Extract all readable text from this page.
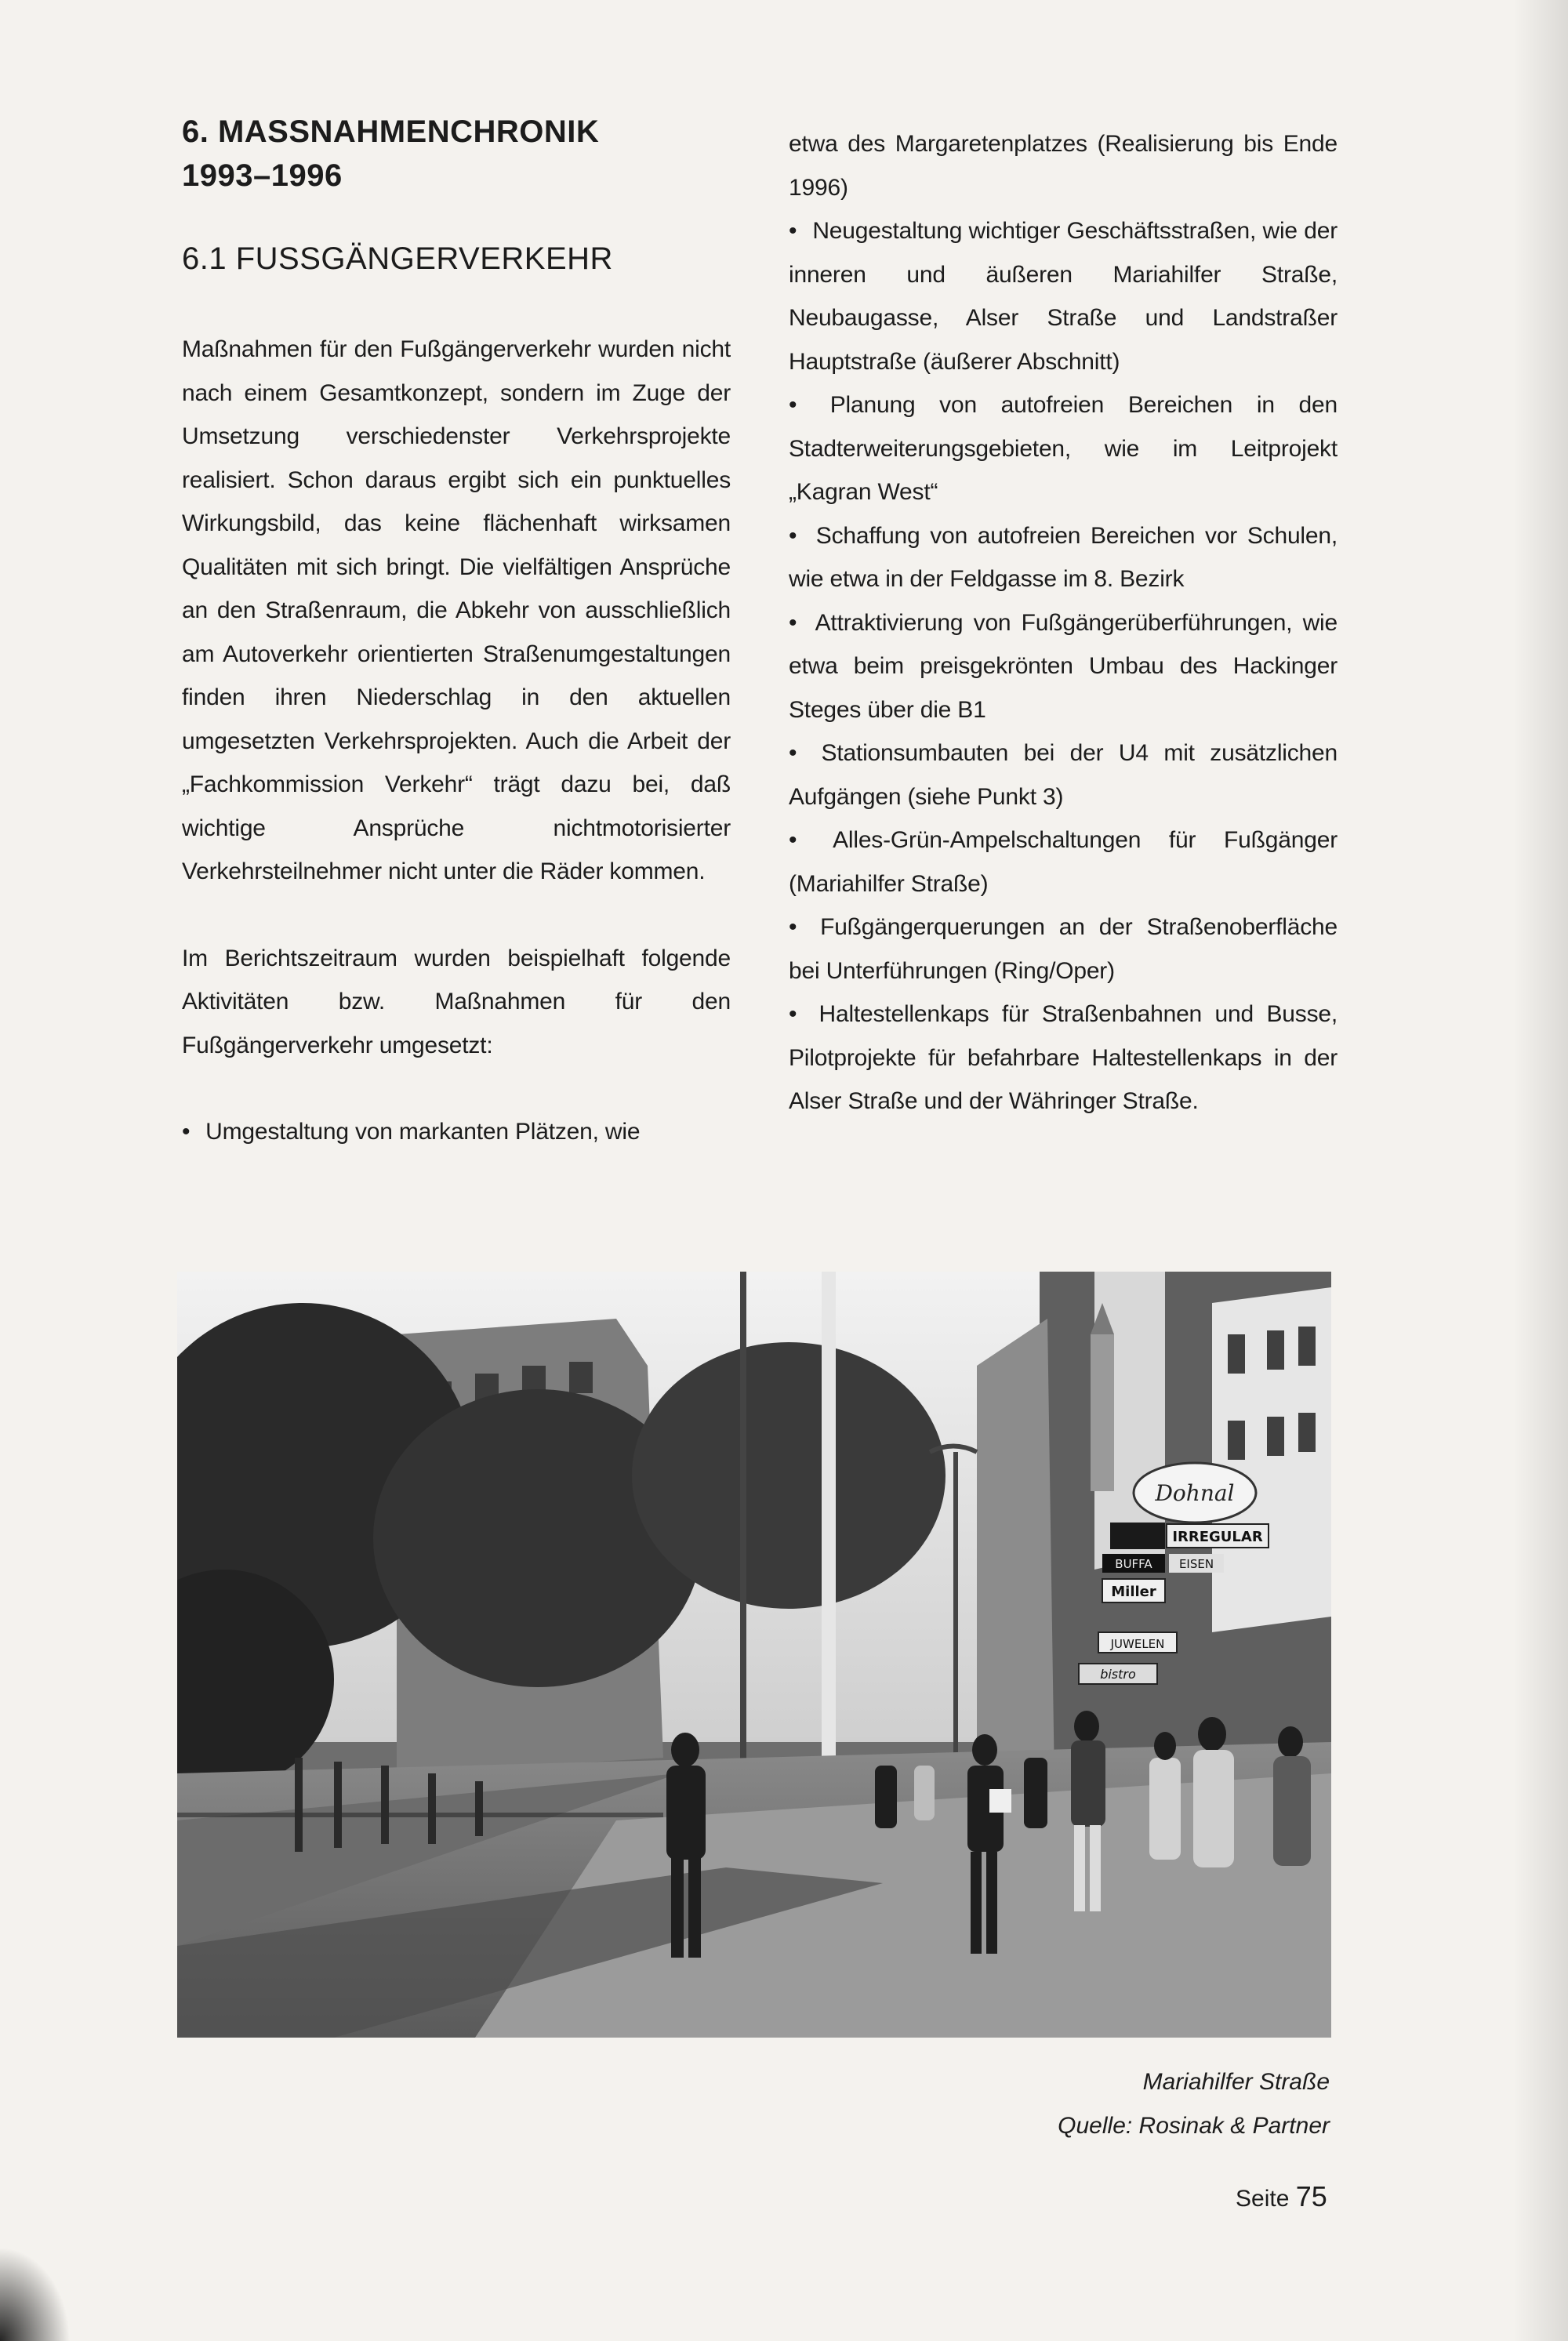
6. MASSNAHMENCHRONIK
1993–1996
6.1 FUSSGÄNGERVERKEHR

Maßnahmen für den Fußgängerverkehr wurden nicht nach einem Gesamtkonzept, sondern im Zuge der Umsetzung verschiedenster Verkehrsprojekte realisiert. Schon daraus ergibt sich ein punktuelles Wirkungsbild, das keine flächenhaft wirksamen Qualitäten mit sich bringt. Die vielfältigen Ansprüche an den Straßenraum, die Abkehr von ausschließlich am Autoverkehr orientierten Straßenumgestaltungen finden ihren Niederschlag in den aktuellen umgesetzten Verkehrsprojekten. Auch die Arbeit der „Fachkommission Verkehr“ trägt dazu bei, daß wichtige Ansprüche nichtmotorisierter Verkehrsteilnehmer nicht unter die Räder kommen.

Im Berichtszeitraum wurden beispielhaft folgende Aktivitäten bzw. Maßnahmen für den Fußgängerverkehr umgesetzt:

• Umgestaltung von markanten Plätzen, wie

etwa des Margaretenplatzes (Realisierung bis Ende 1996)

• Neugestaltung wichtiger Geschäftsstraßen, wie der inneren und äußeren Mariahilfer Straße, Neubaugasse, Alser Straße und Landstraßer Hauptstraße (äußerer Abschnitt)

• Planung von autofreien Bereichen in den Stadterweiterungsgebieten, wie im Leitprojekt „Kagran West“

• Schaffung von autofreien Bereichen vor Schulen, wie etwa in der Feldgasse im 8. Bezirk

• Attraktivierung von Fußgängerüberführungen, wie etwa beim preisgekrönten Umbau des Hackinger Steges über die B1

• Stationsumbauten bei der U4 mit zusätzlichen Aufgängen (siehe Punkt 3)

• Alles-Grün-Ampelschaltungen für Fußgänger (Mariahilfer Straße)

• Fußgängerquerungen an der Straßenoberfläche bei Unterführungen (Ring/Oper)

• Haltestellenkaps für Straßenbahnen und Busse, Pilotprojekte für befahrbare Haltestellenkaps in der Alser Straße und der Währinger Straße.

Dohnal
IRREGULAR
BUFFA EISEN
Miller
JUWELEN
bistro
Mariahilfer Straße
Quelle: Rosinak & Partner
Seite 75
